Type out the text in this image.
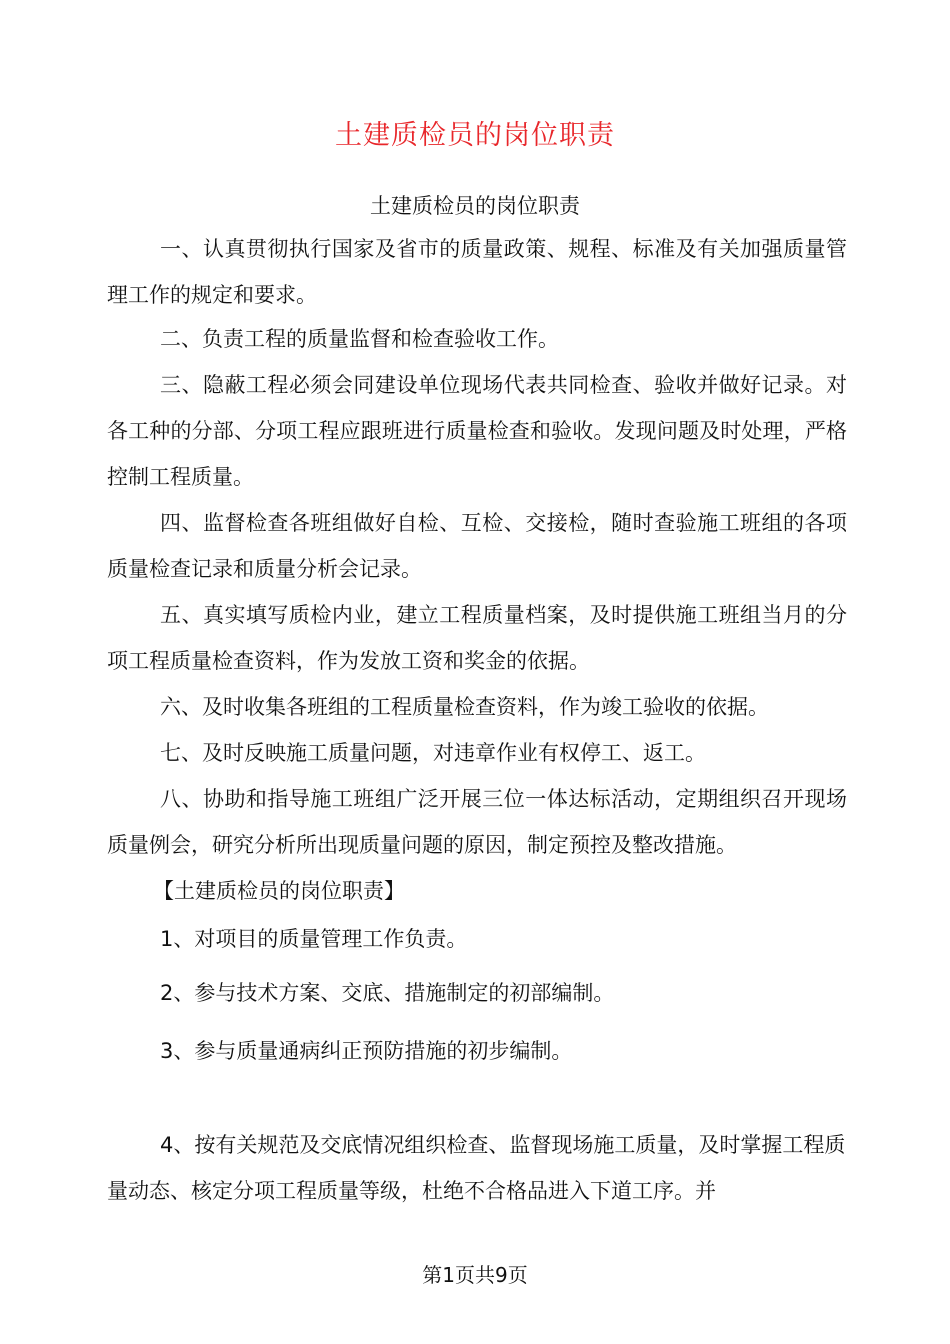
土建质检员的岗位职责
土建质检员的岗位职责

一、认真贯彻执行国家及省市的质量政策、规程、标准及有关加强质量管理工作的规定和要求。

二、负责工程的质量监督和检查验收工作。

三、隐蔽工程必须会同建设单位现场代表共同检查、验收并做好记录。对各工种的分部、分项工程应跟班进行质量检查和验收。发现问题及时处理，严格控制工程质量。

四、监督检查各班组做好自检、互检、交接检，随时查验施工班组的各项质量检查记录和质量分析会记录。

五、真实填写质检内业，建立工程质量档案，及时提供施工班组当月的分项工程质量检查资料，作为发放工资和奖金的依据。

六、及时收集各班组的工程质量检查资料，作为竣工验收的依据。

七、及时反映施工质量问题，对违章作业有权停工、返工。

八、协助和指导施工班组广泛开展三位一体达标活动，定期组织召开现场质量例会，研究分析所出现质量问题的原因，制定预控及整改措施。

【土建质检员的岗位职责】

1、对项目的质量管理工作负责。

2、参与技术方案、交底、措施制定的初部编制。

3、参与质量通病纠正预防措施的初步编制。

4、按有关规范及交底情况组织检查、监督现场施工质量，及时掌握工程质量动态、核定分项工程质量等级，杜绝不合格品进入下道工序。并

第1页共9页
